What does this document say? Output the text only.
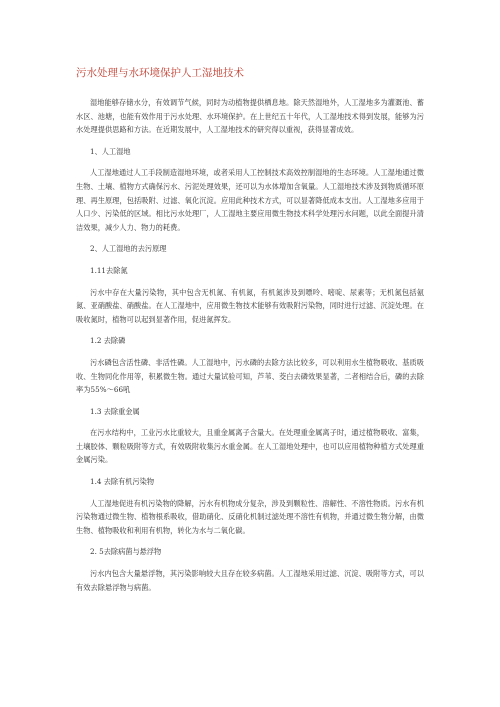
污水处理与水环境保护人工湿地技术

湿地能够存储水分，有效调节气候，同时为动植物提供栖息地。除天然湿地外，人工湿地多为灌溉池、蓄水区、池塘，也能有效作用于污水处理、水环境保护。在上世纪五十年代，人工湿地技术得到发展，能够为污水处理提供思路和方法。在近期发展中，人工湿地技术的研究得以重视，获得显著成效。

1、人工湿地

人工湿地通过人工手段制造湿地环境，或者采用人工控制技术高效控制湿地的生态环境。人工湿地通过微生物、土壤、植物方式确保污水、污泥处理效果，还可以为水体增加含氧量。人工湿地技术涉及到物质循环原理、再生原理，包括吸附、过滤、氧化沉淀。应用此种技术方式，可以显著降低成本支出。人工湿地多应用于人口少、污染低的区域。相比污水处理厂，人工湿地主要应用微生物技术科学处理污水问题，以此全面提升清洁效果，减少人力、物力的耗费。

2、人工湿地的去污原理

1.11去除氮

污水中存在大量污染物，其中包含无机氮、有机氮，有机氮涉及到嘌呤、嘧啶、尿素等；无机氮包括氨氮、亚硝酸盐、硝酸盐。在人工湿地中，应用微生物技术能够有效吸附污染物，同时进行过滤、沉淀处理。在吸收氮时，植物可以起到显著作用，促进氮挥发。

1.2 去除磷

污水磷包含活性磷、非活性磷。人工湿地中，污水磷的去除方法比较多，可以利用水生植物吸收、基质吸收、生物同化作用等，积累微生物。通过大量试验可知，芦苇、茭白去磷效果显著，二者相结合后，磷的去除率为55%～66吼

1.3 去除重金属

在污水结构中，工业污水比重较大，且重金属离子含量大。在处理重金属离子时，通过植物吸收、富集，土壤胶体、颗粒吸附等方式，有效吸附收集污水重金属。在人工湿地处理中，也可以应用植物种植方式处理重金属污染。

1.4 去除有机污染物

人工湿地促进有机污染物的降解，污水有机物成分复杂，涉及到颗粒性、溶解性、不溶性物质。污水有机污染物通过微生物、植物根系吸收，借助硝化、反硝化机制过滤处理不溶性有机物，并通过微生物分解，由微生物、植物吸收和利用有机物，转化为水与二氧化碳。

2. 5去除病菌与悬浮物

污水内包含大量悬浮物，其污染影响较大且存在较多病菌。人工湿地采用过滤、沉淀、吸附等方式，可以有效去除悬浮物与病菌。
